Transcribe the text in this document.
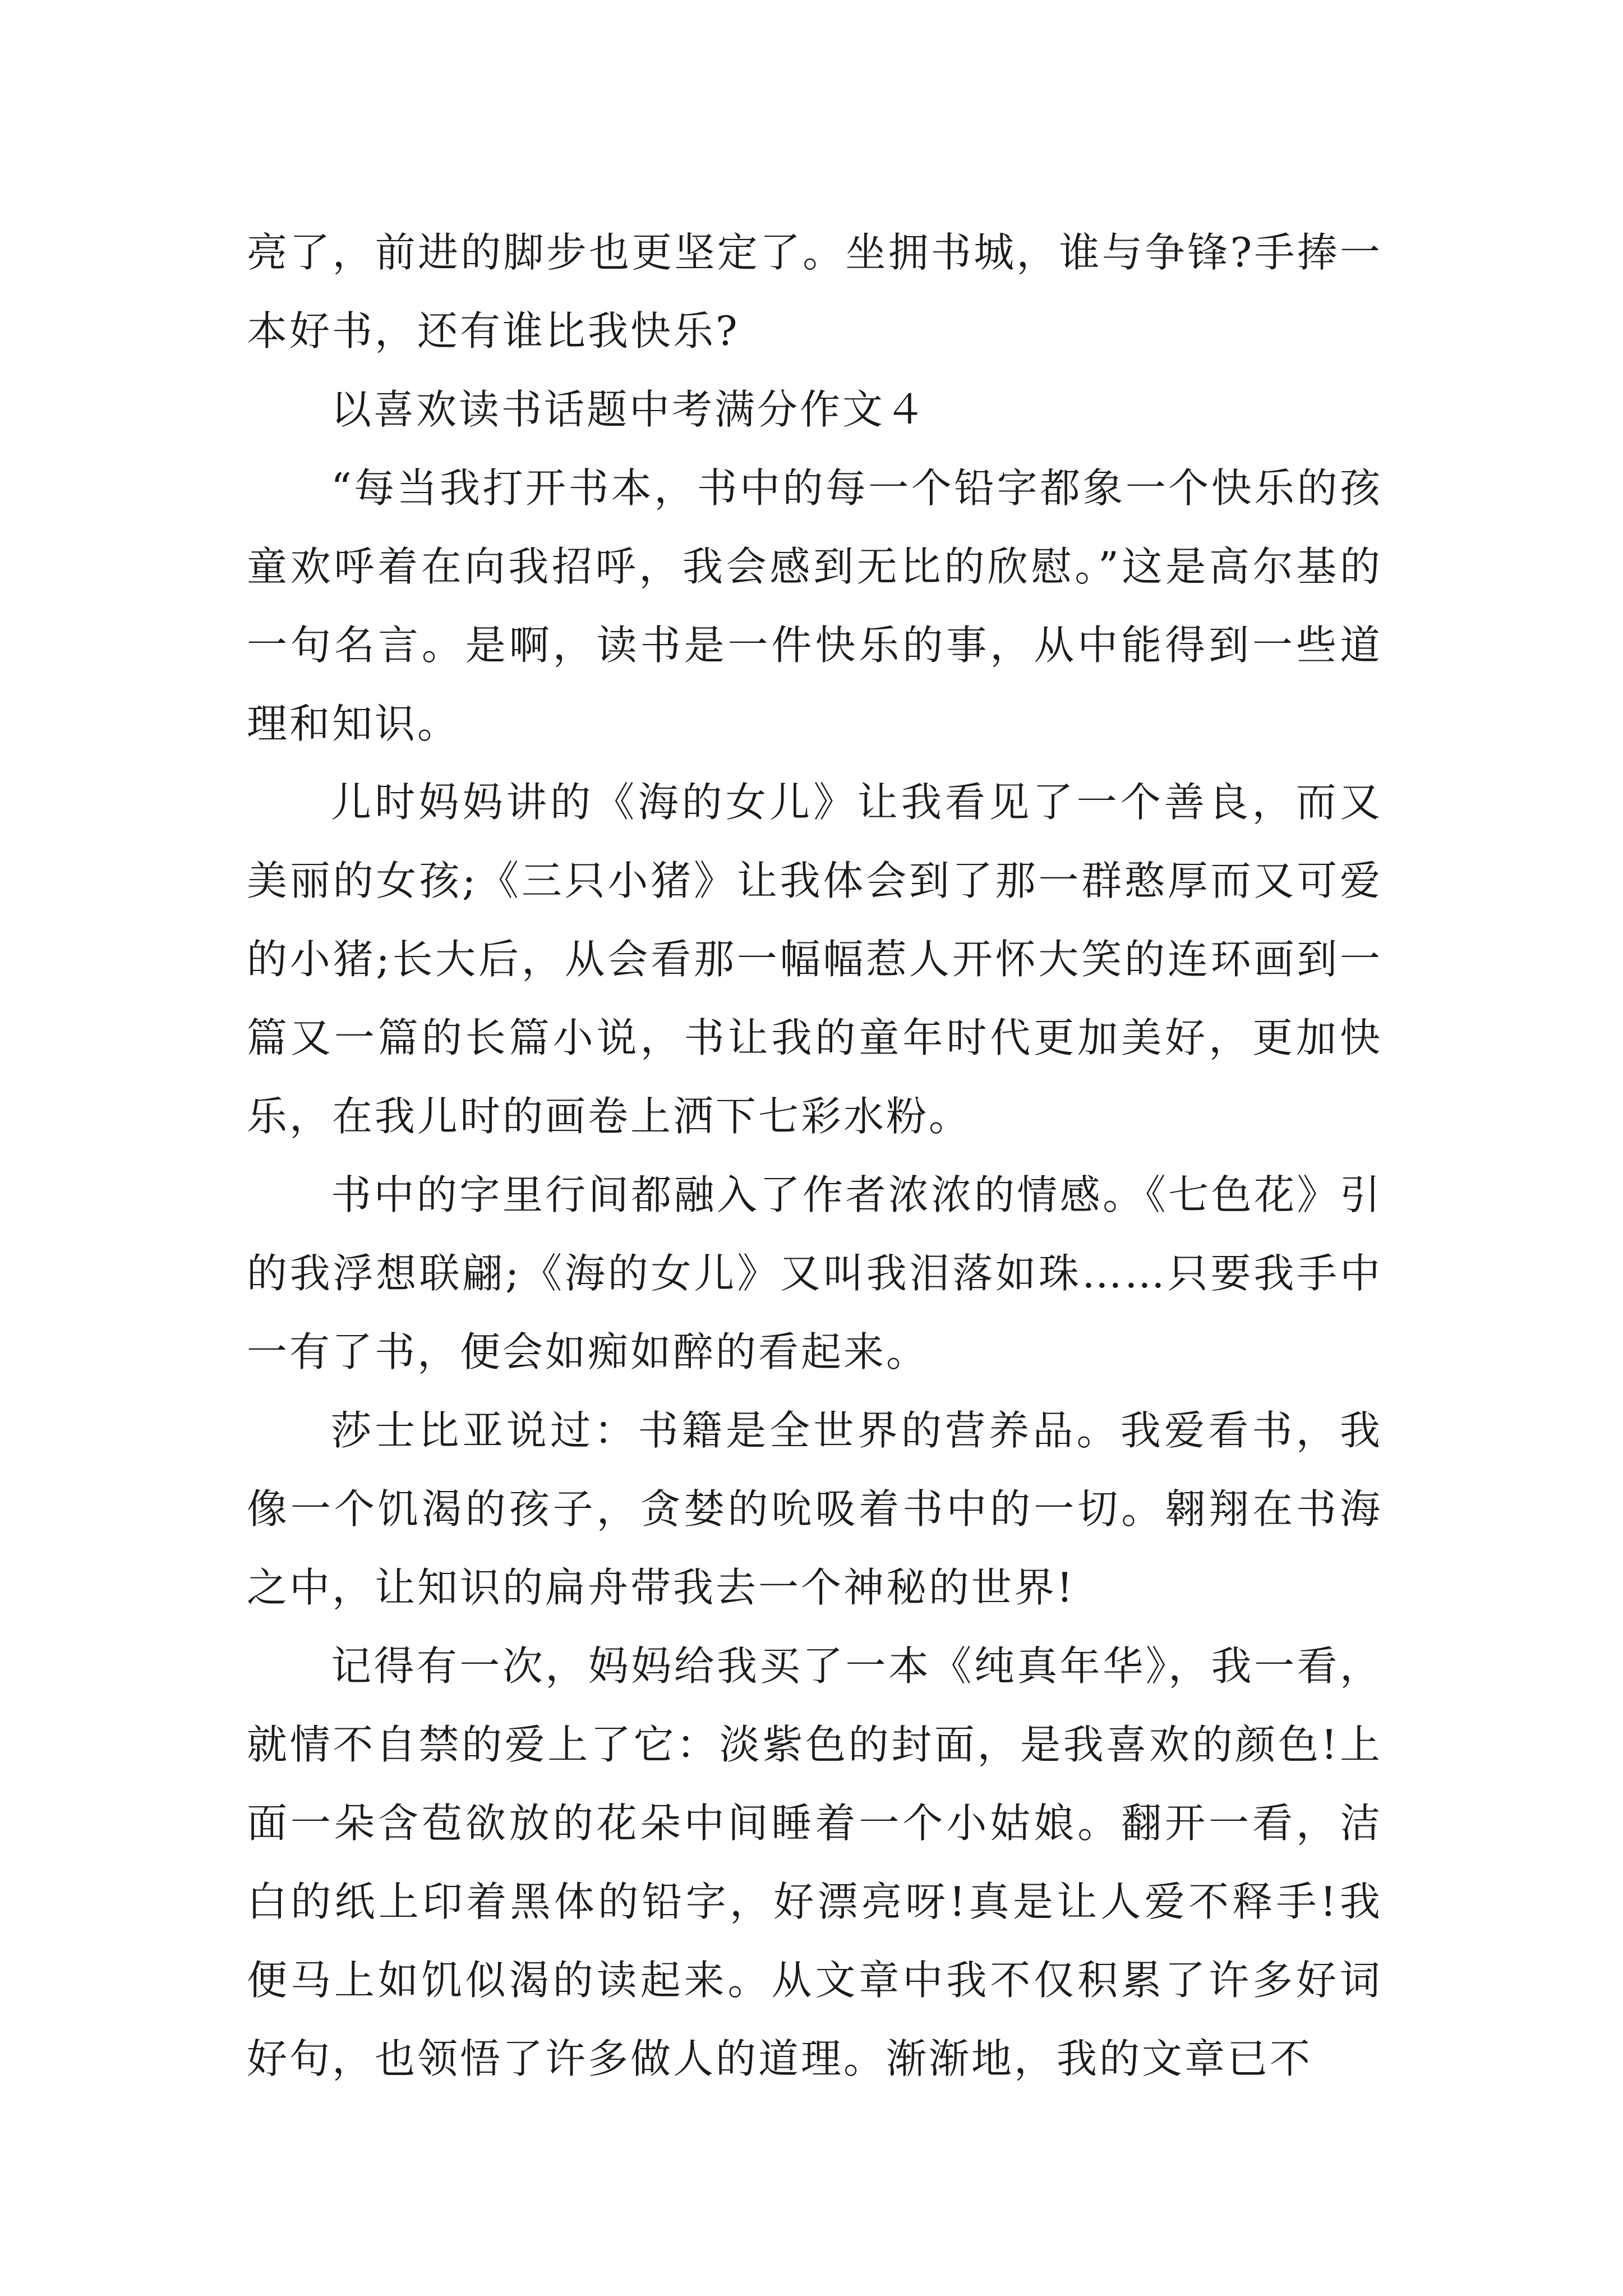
亮了，前进的脚步也更坚定了。坐拥书城，谁与争锋?手捧一本好书，还有谁比我快乐?

以喜欢读书话题中考满分作文４

“每当我打开书本，书中的每一个铅字都象一个快乐的孩童欢呼着在向我招呼，我会感到无比的欣慰。”这是高尔基的一句名言。是啊，读书是一件快乐的事，从中能得到一些道理和知识。

儿时妈妈讲的《海的女儿》让我看见了一个善良，而又美丽的女孩;《三只小猪》让我体会到了那一群憨厚而又可爱的小猪;长大后，从会看那一幅幅惹人开怀大笑的连环画到一篇又一篇的长篇小说，书让我的童年时代更加美好，更加快乐，在我儿时的画卷上洒下七彩水粉。

书中的字里行间都融入了作者浓浓的情感。《七色花》引的我浮想联翩;《海的女儿》又叫我泪落如珠……只要我手中一有了书，便会如痴如醉的看起来。

莎士比亚说过：书籍是全世界的营养品。我爱看书，我像一个饥渴的孩子，贪婪的吮吸着书中的一切。翱翔在书海之中，让知识的扁舟带我去一个神秘的世界!

记得有一次，妈妈给我买了一本《纯真年华》，我一看，就情不自禁的爱上了它：淡紫色的封面，是我喜欢的颜色!上面一朵含苞欲放的花朵中间睡着一个小姑娘。翻开一看，洁白的纸上印着黑体的铅字，好漂亮呀!真是让人爱不释手!我便马上如饥似渴的读起来。从文章中我不仅积累了许多好词好句，也领悟了许多做人的道理。渐渐地，我的文章已不
